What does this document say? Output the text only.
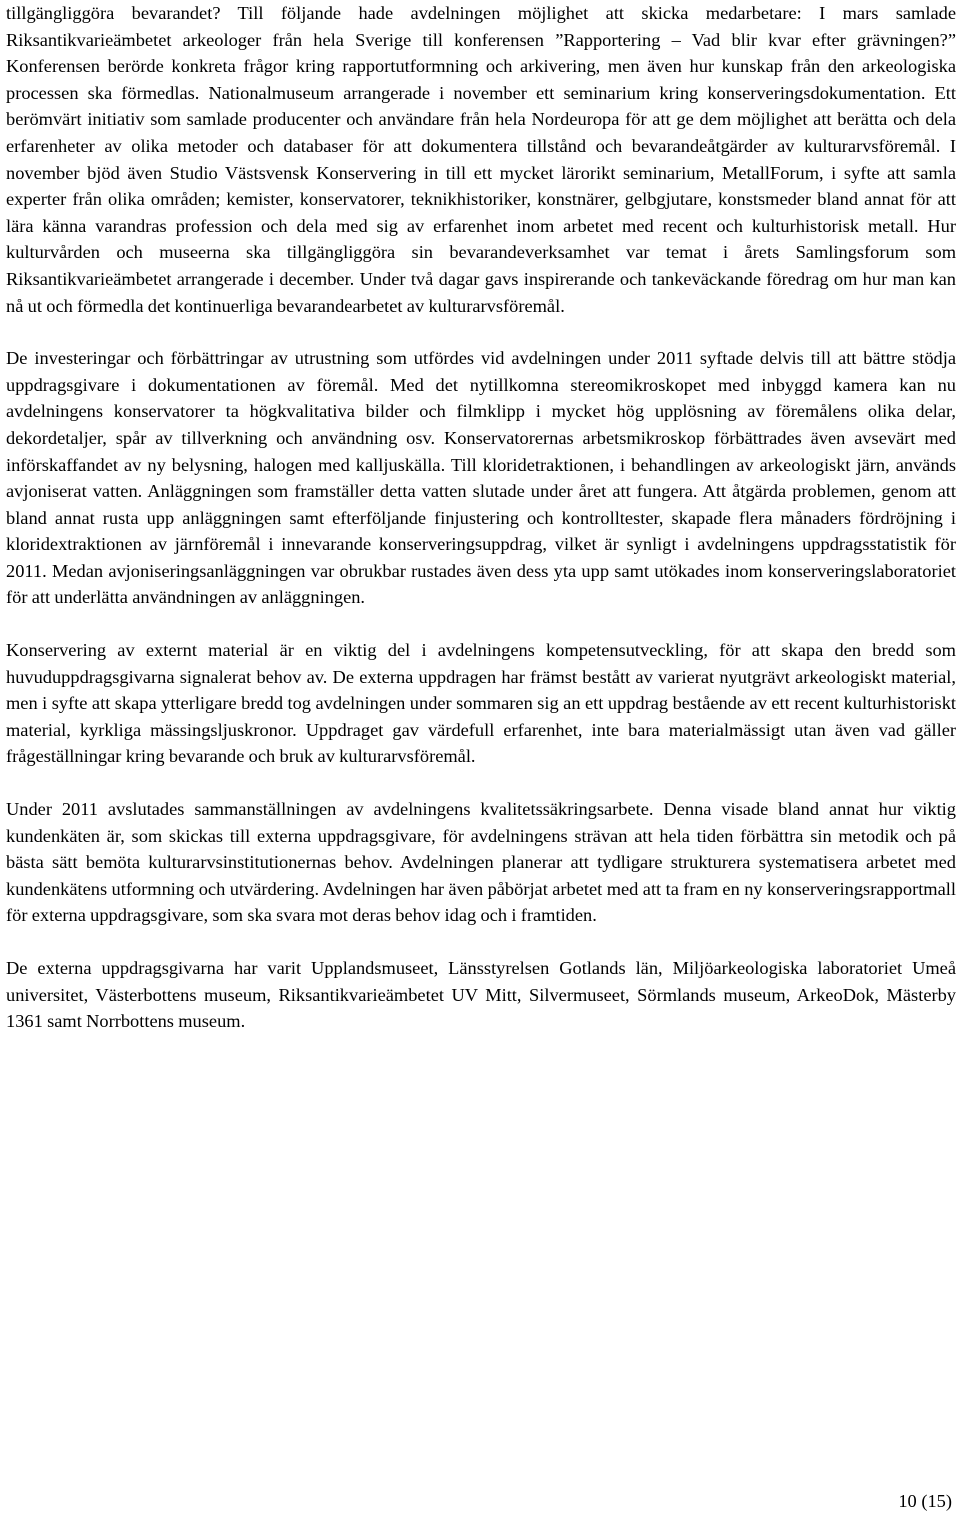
tillgängliggöra bevarandet? Till följande hade avdelningen möjlighet att skicka medarbetare: I mars samlade Riksantikvarieämbetet arkeologer från hela Sverige till konferensen ”Rapportering – Vad blir kvar efter grävningen?” Konferensen berörde konkreta frågor kring rapportutformning och arkivering, men även hur kunskap från den arkeologiska processen ska förmedlas. Nationalmuseum arrangerade i november ett seminarium kring konserveringsdokumentation. Ett berömvärt initiativ som samlade producenter och användare från hela Nordeuropa för att ge dem möjlighet att berätta och dela erfarenheter av olika metoder och databaser för att dokumentera tillstånd och bevarandeåtgärder av kulturarvsföremål. I november bjöd även Studio Västsvensk Konservering in till ett mycket lärorikt seminarium, MetallForum, i syfte att samla experter från olika områden; kemister, konservatorer, teknikhistoriker, konstnärer, gelbgjutare, konstsmeder bland annat för att lära känna varandras profession och dela med sig av erfarenhet inom arbetet med recent och kulturhistorisk metall. Hur kulturvården och museerna ska tillgängliggöra sin bevarandeverksamhet var temat i årets Samlingsforum som Riksantikvarieämbetet arrangerade i december. Under två dagar gavs inspirerande och tankeväckande föredrag om hur man kan nå ut och förmedla det kontinuerliga bevarandearbetet av kulturarvsföremål.

De investeringar och förbättringar av utrustning som utfördes vid avdelningen under 2011 syftade delvis till att bättre stödja uppdragsgivare i dokumentationen av föremål. Med det nytillkomna stereomikroskopet med inbyggd kamera kan nu avdelningens konservatorer ta högkvalitativa bilder och filmklipp i mycket hög upplösning av föremålens olika delar, dekordetaljer, spår av tillverkning och användning osv. Konservatorernas arbetsmikroskop förbättrades även avsevärt med införskaffandet av ny belysning, halogen med kalljuskälla. Till kloridetraktionen, i behandlingen av arkeologiskt järn, används avjoniserat vatten. Anläggningen som framställer detta vatten slutade under året att fungera. Att åtgärda problemen, genom att bland annat rusta upp anläggningen samt efterföljande finjustering och kontrolltester, skapade flera månaders fördröjning i kloridextraktionen av järnföremål i innevarande konserveringsuppdrag, vilket är synligt i avdelningens uppdragsstatistik för 2011. Medan avjoniseringsanläggningen var obrukbar rustades även dess yta upp samt utökades inom konserveringslaboratoriet för att underlätta användningen av anläggningen.

Konservering av externt material är en viktig del i avdelningens kompetensutveckling, för att skapa den bredd som huvuduppdragsgivarna signalerat behov av. De externa uppdragen har främst bestått av varierat nyutgrävt arkeologiskt material, men i syfte att skapa ytterligare bredd tog avdelningen under sommaren sig an ett uppdrag bestående av ett recent kulturhistoriskt material, kyrkliga mässingsljuskronor. Uppdraget gav värdefull erfarenhet, inte bara materialmässigt utan även vad gäller frågeställningar kring bevarande och bruk av kulturarvsföremål.

Under 2011 avslutades sammanställningen av avdelningens kvalitetssäkringsarbete. Denna visade bland annat hur viktig kundenkäten är, som skickas till externa uppdragsgivare, för avdelningens strävan att hela tiden förbättra sin metodik och på bästa sätt bemöta kulturarvsinstitutionernas behov. Avdelningen planerar att tydligare strukturera systematisera arbetet med kundenkätens utformning och utvärdering. Avdelningen har även påbörjat arbetet med att ta fram en ny konserveringsrapportmall för externa uppdragsgivare, som ska svara mot deras behov idag och i framtiden.

De externa uppdragsgivarna har varit Upplandsmuseet, Länsstyrelsen Gotlands län, Miljöarkeologiska laboratoriet Umeå universitet, Västerbottens museum, Riksantikvarieämbetet UV Mitt, Silvermuseet, Sörmlands museum, ArkeoDok, Mästerby 1361 samt Norrbottens museum.

10 (15)
